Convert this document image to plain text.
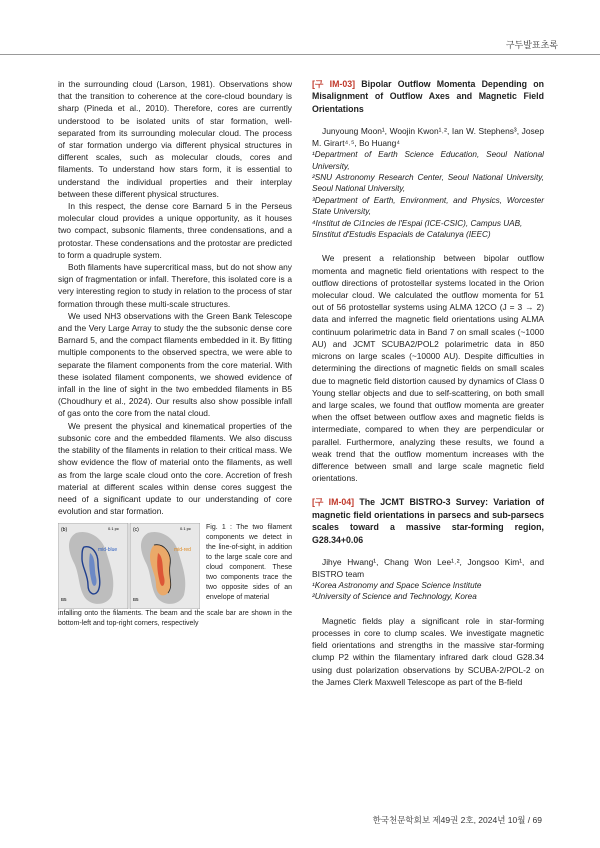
구두발표초록

in the surrounding cloud (Larson, 1981). Observations show that the transition to coherence at the core-cloud boundary is sharp (Pineda et al., 2010). Therefore, cores are currently understood to be isolated units of star formation, well-separated from its surrounding molecular cloud. The process of star formation undergo via different physical structures in different scales, such as molecular clouds, cores and filaments. To understand how stars form, it is essential to understand the individual properties and their interplay between these different physical structures.

In this respect, the dense core Barnard 5 in the Perseus molecular cloud provides a unique opportunity, as it houses two compact, subsonic filaments, three condensations, and a protostar. These condensations and the protostar are predicted to form a quadruple system.

Both filaments have supercritical mass, but do not show any sign of fragmentation or infall. Therefore, this isolated core is a very interesting region to study in relation to the process of star formation through these multi-scale structures.

We used NH3 observations with the Green Bank Telescope and the Very Large Array to study the the subsonic dense core Barnard 5, and the compact filaments embedded in it. By fitting multiple components to the observed spectra, we were able to separate the filament components from the core material. With these isolated filament components, we showed evidence of infall in the line of sight in the two embedded filaments in B5 (Choudhury et al., 2024). Our results also show possible infall of gas onto the core from the natal cloud.

We present the physical and kinematical properties of the subsonic core and the embedded filaments. We also discuss the stability of the filaments in relation to their critical mass. We show evidence the flow of material onto the filaments, as well as from the large scale cloud onto the core. Accretion of fresh material at different scales within dense cores suggest the need of a significant update to our understanding of core evolution and star formation.

(b)	0.1 pc
mid-blue
B5
(c)	0.1 pc
mid-red
B5
Fig. 1 : The two filament components we detect in the line-of-sight, in addition to the large scale core and cloud component. These two components trace the two opposite sides of an envelope of material
infalling onto the filaments. The beam and the scale bar are shown in the bottom-left and top-right corners, respectively
[구 IM-03] Bipolar Outflow Momenta Depending on Misalignment of Outflow Axes and Magnetic Field Orientations

Junyoung Moon¹, Woojin Kwon¹˒², Ian W. Stephens³, Josep M. Girart⁴˒⁵, Bo Huang⁴

¹Department of Earth Science Education, Seoul National University,
²SNU Astronomy Research Center, Seoul National University, Seoul National University,
³Department of Earth, Environment, and Physics, Worcester State University,
⁴Institut de Ci1ncies de l'Espai (ICE-CSIC), Campus UAB,
5Institut d'Estudis Espacials de Catalunya (IEEC)

We present a relationship between bipolar outflow momenta and magnetic field orientations with respect to the outflow directions of protostellar systems located in the Orion molecular cloud. We calculated the outflow momenta for 51 out of 56 protostellar systems using ALMA 12CO (J = 3 → 2) data and inferred the magnetic field orientations using ALMA continuum polarimetric data in Band 7 on small scales (~1000 AU) and JCMT SCUBA2/POL2 polarimetric data in 850 microns on large scales (~10000 AU). Despite difficulties in determining the directions of magnetic fields on small scales due to magnetic field distortion caused by dynamics of Class 0 Young stellar objects and due to self-scattering, on both small and large scales, we found that outflow momenta are greater when the offset between outflow axes and magnetic fields is intermediate, compared to when they are perpendicular or parallel. Furthermore, analyzing these results, we found a weak trend that the outflow momentum increases with the difference between small and large scale magnetic field orientations.

[구 IM-04] The JCMT BISTRO-3 Survey: Variation of magnetic field orientations in parsecs and sub-parsecs scales toward a massive star-forming region, G28.34+0.06

Jihye Hwang¹, Chang Won Lee¹˒², Jongsoo Kim¹, and BISTRO team

¹Korea Astronomy and Space Science Institute
²University of Science and Technology, Korea

Magnetic fields play a significant role in star-forming processes in core to clump scales. We investigate magnetic field orientations and strengths in the massive star-forming clump P2 within the filamentary infrared dark cloud G28.34 using dust polarization observations by SCUBA-2/POL-2 on the James Clerk Maxwell Telescope as part of the B-field

한국천문학회보 제49권 2호, 2024년 10월 / 69
